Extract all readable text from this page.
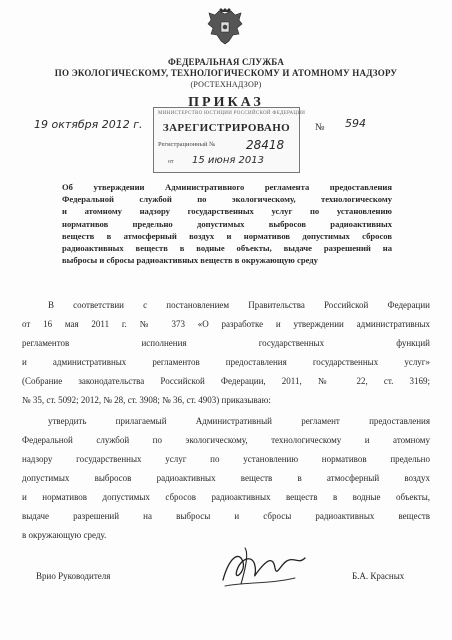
ФЕДЕРАЛЬНАЯ СЛУЖБА
ПО ЭКОЛОГИЧЕСКОМУ, ТЕХНОЛОГИЧЕСКОМУ И АТОМНОМУ НАДЗОРУ
(РОСТЕХНАДЗОР)
ПРИКАЗ
МИНИСТЕРСТВО ЮСТИЦИИ РОССИЙСКОЙ ФЕДЕРАЦИИ
ЗАРЕГИСТРИРОВАНО
Регистрационный №	28418
от 15 июня 2013
19 октября 2012 г.	№ 594
Об утверждении Административного регламента предоставления
Федеральной службой по экологическому, технологическому
и атомному надзору государственных услуг по установлению
нормативов предельно допустимых выбросов радиоактивных
веществ в атмосферный воздух и нормативов допустимых сбросов
радиоактивных веществ в водные объекты, выдаче разрешений на
выбросы и сбросы радиоактивных веществ в окружающую среду
В соответствии с постановлением Правительства Российской Федерации
от 16 мая 2011 г. № 373 «О разработке и утверждении административных
регламентов исполнения государственных функций
и административных регламентов предоставления государственных услуг»
(Собрание законодательства Российской Федерации, 2011, № 22, ст. 3169;
№ 35, ст. 5092; 2012, № 28, ст. 3908; № 36, ст. 4903) приказываю:
утвердить прилагаемый Административный регламент предоставления
Федеральной службой по экологическому, технологическому и атомному
надзору государственных услуг по установлению нормативов предельно
допустимых выбросов радиоактивных веществ в атмосферный воздух
и нормативов допустимых сбросов радиоактивных веществ в водные объекты,
выдаче разрешений на выбросы и сбросы радиоактивных веществ
в окружающую среду.
Врио Руководителя	Б.А. Красных
